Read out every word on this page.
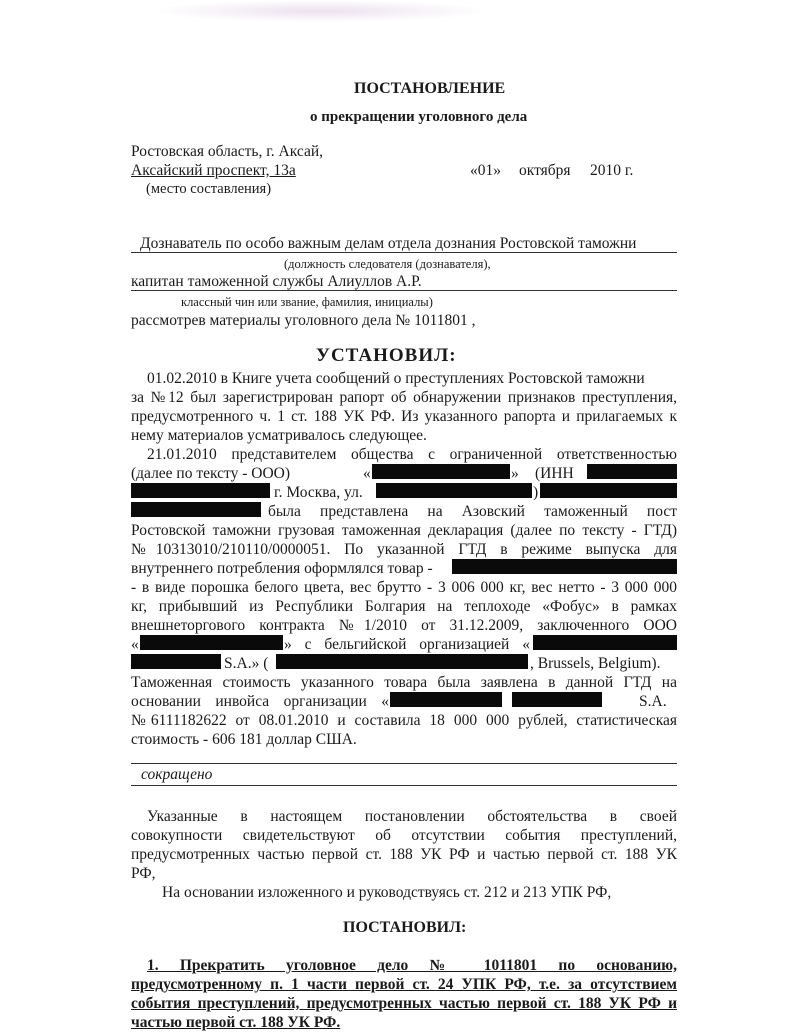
ПОСТАНОВЛЕНИЕ
о прекращении уголовного дела
Ростовская область, г. Аксай,
Аксайский проспект, 13а
(место составления)
«01» октября 2010 г.
Дознаватель по особо важным делам отдела дознания Ростовской таможни
(должность следователя (дознавателя),
капитан таможенной службы Алиуллов А.Р.
классный чин или звание, фамилия, инициалы)
рассмотрев материалы уголовного дела № 1011801 ,
УСТАНОВИЛ:
01.02.2010 в Книге учета сообщений о преступлениях Ростовской таможни
за №12 был зарегистрирован рапорт об обнаружении признаков преступления,
предусмотренного ч. 1 ст. 188 УК РФ. Из указанного рапорта и прилагаемых к
нему материалов усматривалось следующее.
21.01.2010 представителем общества с ограниченной ответственностью
(далее по тексту - ООО)	«	» (ИНН
г. Москва, ул.	)
была представлена на Азовский таможенный пост
Ростовской таможни грузовая таможенная декларация (далее по тексту - ГТД)
№10313010/210110/0000051. По указанной ГТД в режиме выпуска для
внутреннего потребления оформлялся товар -
- в виде порошка белого цвета, вес брутто - 3 006 000 кг, вес нетто - 3 000 000
кг, прибывший из Республики Болгария на теплоходе «Фобус» в рамках
внешнеторгового контракта №1/2010 от 31.12.2009, заключенного ООО
«	» с бельгийской организацией «
S.A.» (	, Brussels, Belgium).
Таможенная стоимость указанного товара была заявлена в данной ГТД на
основании инвойса организации «	S.A.
№6111182622 от 08.01.2010 и составила 18 000 000 рублей, статистическая
стоимость - 606 181 доллар США.
сокращено
Указанные в настоящем постановлении обстоятельства в своей
совокупности свидетельствуют об отсутствии события преступлений,
предусмотренных частью первой ст. 188 УК РФ и частью первой ст. 188 УК
РФ,
На основании изложенного и руководствуясь ст. 212 и 213 УПК РФ,
ПОСТАНОВИЛ:
1. Прекратить уголовное дело № 1011801 по основанию,
предусмотренному п. 1 части первой ст. 24 УПК РФ, т.е. за отсутствием
события преступлений, предусмотренных частью первой ст. 188 УК РФ и
частью первой ст. 188 УК РФ.
